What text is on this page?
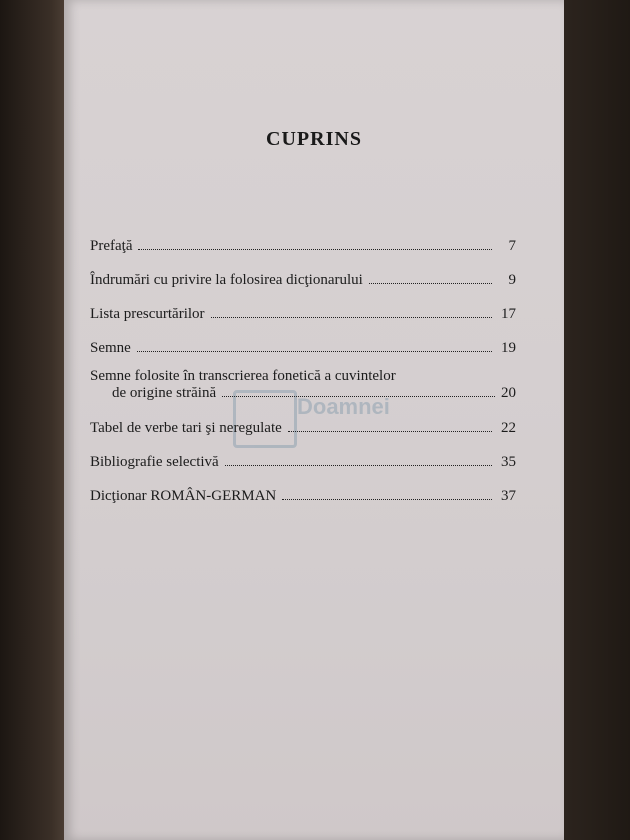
CUPRINS
Doamnei
Prefaţă	7
Îndrumări cu privire la folosirea dicţionarului	9
Lista prescurtărilor	17
Semne	19
Semne folosite în transcrierea fonetică a cuvintelor
de origine străină	20
Tabel de verbe tari şi neregulate	22
Bibliografie selectivă	35
Dicţionar ROMÂN-GERMAN	37
